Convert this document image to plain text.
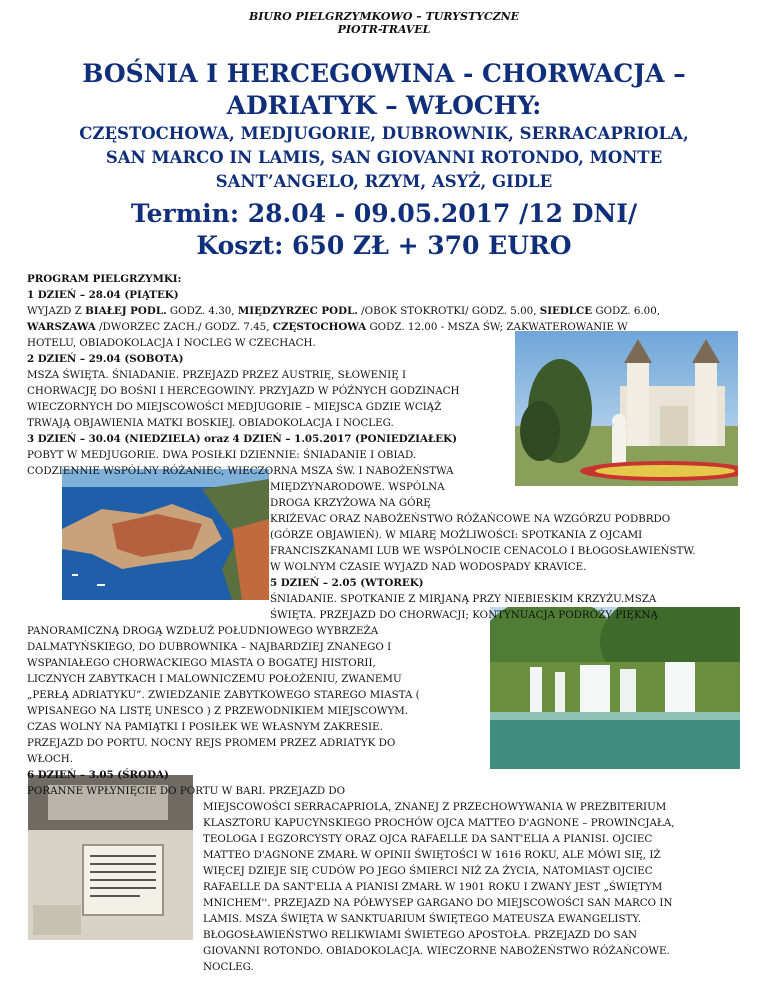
BIURO PIELGRZYMKOWO – TURYSTYCZNE
PIOTR-TRAVEL
BOŚNIA I HERCEGOWINA - CHORWACJA –
ADRIATYK – WŁOCHY:
CZĘSTOCHOWA, MEDJUGORIE, DUBROWNIK, SERRACAPRIOLA,
SAN MARCO IN LAMIS, SAN GIOVANNI ROTONDO, MONTE
SANT’ANGELO, RZYM, ASYŻ, GIDLE
Termin: 28.04 - 09.05.2017 /12 DNI/
Koszt: 650 ZŁ + 370 EURO
PROGRAM PIELGRZYMKI:
1 DZIEŃ – 28.04 (PIĄTEK)
WYJAZD Z BIAŁEJ PODL. GODZ. 4.30, MIĘDZYRZEC PODL. /OBOK STOKROTKI/ GODZ. 5.00, SIEDLCE GODZ. 6.00,
WARSZAWA /DWORZEC ZACH./ GODZ. 7.45, CZĘSTOCHOWA GODZ. 12.00 - MSZA ŚW; ZAKWATEROWANIE W
HOTELU, OBIADOKOLACJA I NOCLEG W CZECHACH.
2 DZIEŃ – 29.04 (SOBOTA)
MSZA ŚWIĘTA. ŚNIADANIE. PRZEJAZD PRZEZ AUSTRIĘ, SŁOWENIĘ I
CHORWACJĘ DO BOŚNI I HERCEGOWINY. PRZYJAZD W PÓŹNYCH GODZINACH
WIECZORNYCH DO MIEJSCOWOŚCI MEDJUGORIE – MIEJSCA GDZIE WCIĄŻ
TRWAJĄ OBJAWIENIA MATKI BOSKIEJ. OBIADOKOLACJA I NOCLEG.
3 DZIEŃ – 30.04 (NIEDZIELA) oraz 4 DZIEŃ – 1.05.2017 (PONIEDZIAŁEK)
POBYT W MEDJUGORIE. DWA POSIŁKI DZIENNIE: ŚNIADANIE I OBIAD.
CODZIENNIE WSPÓLNY RÓŻANIEC, WIECZORNA MSZA ŚW. I NABOŻEŃSTWA
MIĘDZYNARODOWE. WSPÓLNA
DROGA KRZYŻOWA NA GÓRĘ
KRIŻEVAC ORAZ NABOŻEŃSTWO RÓŻAŃCOWE NA WZGÓRZU PODBRDO
(GÓRZE OBJAWIEŃ). W MIARĘ MOŻLIWOŚCI: SPOTKANIA Z OJCAMI
FRANCISZKANAMI LUB WE WSPÓLNOCIE CENACOLO I BŁOGOSŁAWIEŃSTW.
W WOLNYM CZASIE WYJAZD NAD WODOSPADY KRAVICE.
5 DZIEŃ – 2.05 (WTOREK)
ŚNIADANIE. SPOTKANIE Z MIRJANĄ PRZY NIEBIESKIM KRZYŻU.MSZA
ŚWIĘTA. PRZEJAZD DO CHORWACJI; KONTYNUACJA PODRÓŻY PIĘKNĄ
PANORAMICZNĄ DROGĄ WZDŁUŻ POŁUDNIOWEGO WYBRZEŻA
DALMATYŃSKIEGO, DO DUBROWNIKA – NAJBARDZIEJ ZNANEGO I
WSPANIAŁEGO CHORWACKIEGO MIASTA O BOGATEJ HISTORII,
LICZNYCH ZABYTKACH I MALOWNICZEMU POŁOŻENIU, ZWANEMU
„PERŁĄ ADRIATYKU”. ZWIEDZANIE ZABYTKOWEGO STAREGO MIASTA (
WPISANEGO NA LISTĘ UNESCO ) Z PRZEWODNIKIEM MIEJSCOWYM.
CZAS WOLNY NA PAMIĄTKI I POSIŁEK WE WŁASNYM ZAKRESIE.
PRZEJAZD DO PORTU. NOCNY REJS PROMEM PRZEZ ADRIATYK DO
WŁOCH.
6 DZIEŃ – 3.05 (ŚRODA)
PORANNE WPŁYNIĘCIE DO PORTU W BARI. PRZEJAZD DO
MIEJSCOWOŚCI SERRACAPRIOLA, ZNANEJ Z PRZECHOWYWANIA W PREZBITERIUM
KLASZTORU KAPUCYNSKIEGO PROCHÓW OJCA MATTEO D'AGNONE – PROWINCJAŁA,
TEOLOGA I EGZORCYSTY ORAZ OJCA RAFAELLE DA SANT'ELIA A PIANISI. OJCIEC
MATTEO D'AGNONE ZMARŁ W OPINII ŚWIĘTOŚCI W 1616 ROKU, ALE MÓWI SIĘ, IŻ
WIĘCEJ DZIEJE SIĘ CUDÓW PO JEGO ŚMIERCI NIŻ ZA ŻYCIA, NATOMIAST OJCIEC
RAFAELLE DA SANT'ELIA A PIANISI ZMARŁ W 1901 ROKU I ZWANY JEST „ŚWIĘTYM
MNICHEM''. PRZEJAZD NA PÓŁWYSEP GARGANO DO MIEJSCOWOŚCI SAN MARCO IN
LAMIS. MSZA ŚWIĘTA W SANKTUARIUM ŚWIĘTEGO MATEUSZA EWANGELISTY.
BŁOGOSŁAWIEŃSTWO RELIKWIAMI ŚWIETEGO APOSTOŁA. PRZEJAZD DO SAN
GIOVANNI ROTONDO. OBIADOKOLACJA. WIECZORNE NABOŻEŃSTWO RÓŻAŃCOWE.
NOCLEG.
